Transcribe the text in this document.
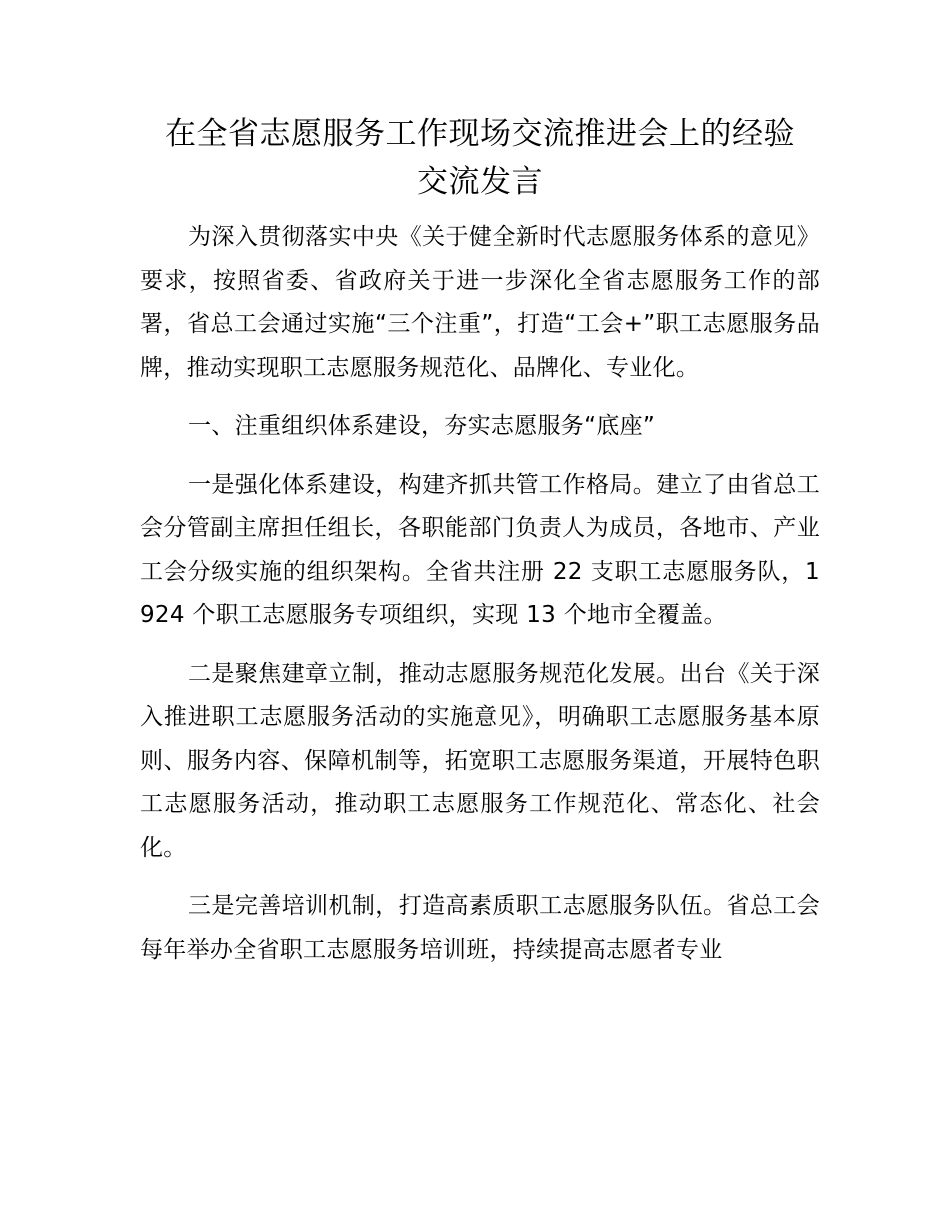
在全省志愿服务工作现场交流推进会上的经验
交流发言

为深入贯彻落实中央《关于健全新时代志愿服务体系的意见》要求，按照省委、省政府关于进一步深化全省志愿服务工作的部署，省总工会通过实施“三个注重”，打造“工会+”职工志愿服务品牌，推动实现职工志愿服务规范化、品牌化、专业化。

一、注重组织体系建设，夯实志愿服务“底座”

一是强化体系建设，构建齐抓共管工作格局。建立了由省总工会分管副主席担任组长，各职能部门负责人为成员，各地市、产业工会分级实施的组织架构。全省共注册 22 支职工志愿服务队，1924 个职工志愿服务专项组织，实现 13 个地市全覆盖。

二是聚焦建章立制，推动志愿服务规范化发展。出台《关于深入推进职工志愿服务活动的实施意见》，明确职工志愿服务基本原则、服务内容、保障机制等，拓宽职工志愿服务渠道，开展特色职工志愿服务活动，推动职工志愿服务工作规范化、常态化、社会化。

三是完善培训机制，打造高素质职工志愿服务队伍。省总工会每年举办全省职工志愿服务培训班，持续提高志愿者专业
